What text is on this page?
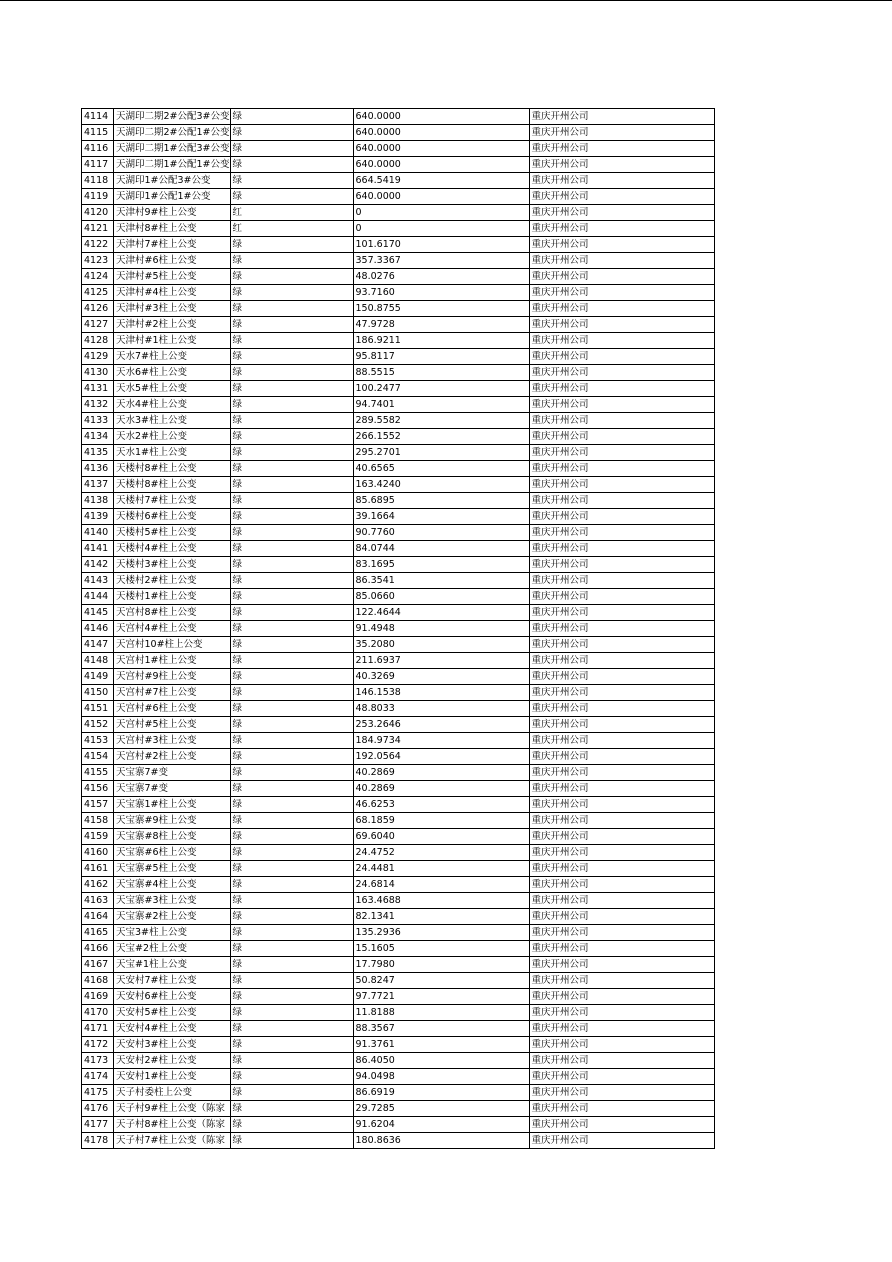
4114	天湖印二期2#公配3#公变	绿	640.0000	重庆开州公司
4115	天湖印二期2#公配1#公变	绿	640.0000	重庆开州公司
4116	天湖印二期1#公配3#公变	绿	640.0000	重庆开州公司
4117	天湖印二期1#公配1#公变	绿	640.0000	重庆开州公司
4118	天湖印1#公配3#公变	绿	664.5419	重庆开州公司
4119	天湖印1#公配1#公变	绿	640.0000	重庆开州公司
4120	天津村9#柱上公变	红	0	重庆开州公司
4121	天津村8#柱上公变	红	0	重庆开州公司
4122	天津村7#柱上公变	绿	101.6170	重庆开州公司
4123	天津村#6柱上公变	绿	357.3367	重庆开州公司
4124	天津村#5柱上公变	绿	48.0276	重庆开州公司
4125	天津村#4柱上公变	绿	93.7160	重庆开州公司
4126	天津村#3柱上公变	绿	150.8755	重庆开州公司
4127	天津村#2柱上公变	绿	47.9728	重庆开州公司
4128	天津村#1柱上公变	绿	186.9211	重庆开州公司
4129	天水7#柱上公变	绿	95.8117	重庆开州公司
4130	天水6#柱上公变	绿	88.5515	重庆开州公司
4131	天水5#柱上公变	绿	100.2477	重庆开州公司
4132	天水4#柱上公变	绿	94.7401	重庆开州公司
4133	天水3#柱上公变	绿	289.5582	重庆开州公司
4134	天水2#柱上公变	绿	266.1552	重庆开州公司
4135	天水1#柱上公变	绿	295.2701	重庆开州公司
4136	天楼村8#柱上公变	绿	40.6565	重庆开州公司
4137	天楼村8#柱上公变	绿	163.4240	重庆开州公司
4138	天楼村7#柱上公变	绿	85.6895	重庆开州公司
4139	天楼村6#柱上公变	绿	39.1664	重庆开州公司
4140	天楼村5#柱上公变	绿	90.7760	重庆开州公司
4141	天楼村4#柱上公变	绿	84.0744	重庆开州公司
4142	天楼村3#柱上公变	绿	83.1695	重庆开州公司
4143	天楼村2#柱上公变	绿	86.3541	重庆开州公司
4144	天楼村1#柱上公变	绿	85.0660	重庆开州公司
4145	天宫村8#柱上公变	绿	122.4644	重庆开州公司
4146	天宫村4#柱上公变	绿	91.4948	重庆开州公司
4147	天宫村10#柱上公变	绿	35.2080	重庆开州公司
4148	天宫村1#柱上公变	绿	211.6937	重庆开州公司
4149	天宫村#9柱上公变	绿	40.3269	重庆开州公司
4150	天宫村#7柱上公变	绿	146.1538	重庆开州公司
4151	天宫村#6柱上公变	绿	48.8033	重庆开州公司
4152	天宫村#5柱上公变	绿	253.2646	重庆开州公司
4153	天宫村#3柱上公变	绿	184.9734	重庆开州公司
4154	天宫村#2柱上公变	绿	192.0564	重庆开州公司
4155	天宝寨7#变	绿	40.2869	重庆开州公司
4156	天宝寨7#变	绿	40.2869	重庆开州公司
4157	天宝寨1#柱上公变	绿	46.6253	重庆开州公司
4158	天宝寨#9柱上公变	绿	68.1859	重庆开州公司
4159	天宝寨#8柱上公变	绿	69.6040	重庆开州公司
4160	天宝寨#6柱上公变	绿	24.4752	重庆开州公司
4161	天宝寨#5柱上公变	绿	24.4481	重庆开州公司
4162	天宝寨#4柱上公变	绿	24.6814	重庆开州公司
4163	天宝寨#3柱上公变	绿	163.4688	重庆开州公司
4164	天宝寨#2柱上公变	绿	82.1341	重庆开州公司
4165	天宝3#柱上公变	绿	135.2936	重庆开州公司
4166	天宝#2柱上公变	绿	15.1605	重庆开州公司
4167	天宝#1柱上公变	绿	17.7980	重庆开州公司
4168	天安村7#柱上公变	绿	50.8247	重庆开州公司
4169	天安村6#柱上公变	绿	97.7721	重庆开州公司
4170	天安村5#柱上公变	绿	11.8188	重庆开州公司
4171	天安村4#柱上公变	绿	88.3567	重庆开州公司
4172	天安村3#柱上公变	绿	91.3761	重庆开州公司
4173	天安村2#柱上公变	绿	86.4050	重庆开州公司
4174	天安村1#柱上公变	绿	94.0498	重庆开州公司
4175	天子村委柱上公变	绿	86.6919	重庆开州公司
4176	天子村9#柱上公变（陈家	绿	29.7285	重庆开州公司
4177	天子村8#柱上公变（陈家	绿	91.6204	重庆开州公司
4178	天子村7#柱上公变（陈家	绿	180.8636	重庆开州公司
